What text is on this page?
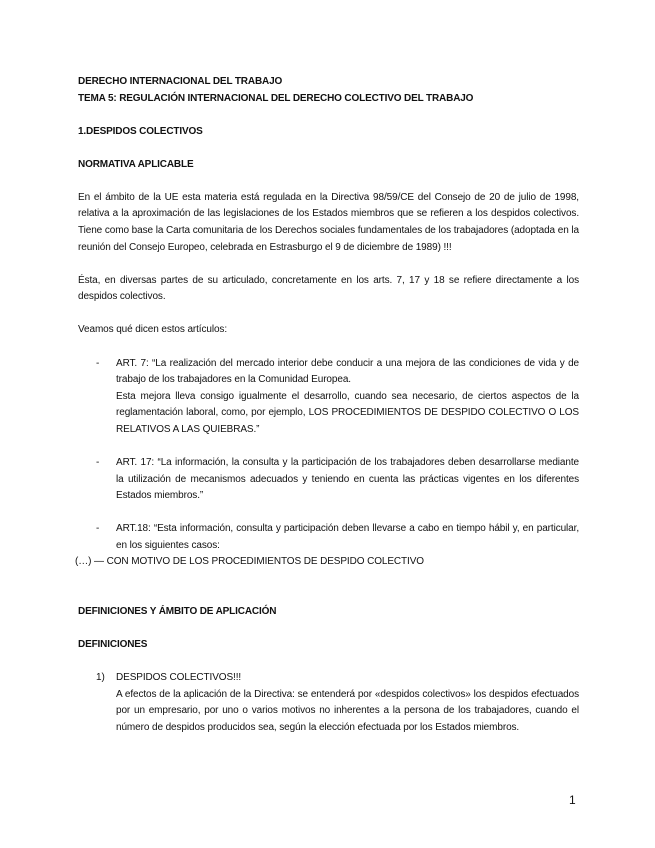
DERECHO INTERNACIONAL DEL TRABAJO

TEMA 5: REGULACIÓN INTERNACIONAL DEL DERECHO COLECTIVO DEL TRABAJO

1.DESPIDOS COLECTIVOS

NORMATIVA APLICABLE

En el ámbito de la UE esta materia está regulada en la Directiva 98/59/CE del Consejo de 20 de julio de 1998, relativa a la aproximación de las legislaciones de los Estados miembros que se refieren a los despidos colectivos. Tiene como base la Carta comunitaria de los Derechos sociales fundamentales de los trabajadores (adoptada en la reunión del Consejo Europeo, celebrada en Estrasburgo el 9 de diciembre de 1989) !!!

Ésta, en diversas partes de su articulado, concretamente en los arts. 7, 17 y 18 se refiere directamente a los despidos colectivos.

Veamos qué dicen estos artículos:

- ART. 7: “La realización del mercado interior debe conducir a una mejora de las condiciones de vida y de trabajo de los trabajadores en la Comunidad Europea.
Esta mejora lleva consigo igualmente el desarrollo, cuando sea necesario, de ciertos aspectos de la reglamentación laboral, como, por ejemplo, LOS PROCEDIMIENTOS DE DESPIDO COLECTIVO O LOS RELATIVOS A LAS QUIEBRAS.”
- ART. 17: “La información, la consulta y la participación de los trabajadores deben desarrollarse mediante la utilización de mecanismos adecuados y teniendo en cuenta las prácticas vigentes en los diferentes Estados miembros.”
- ART.18: “Esta información, consulta y participación deben llevarse a cabo en tiempo hábil y, en particular, en los siguientes casos:

(…) — CON MOTIVO DE LOS PROCEDIMIENTOS DE DESPIDO COLECTIVO

DEFINICIONES Y ÁMBITO DE APLICACIÓN

DEFINICIONES

1) DESPIDOS COLECTIVOS!!!
A efectos de la aplicación de la Directiva: se entenderá por «despidos colectivos» los despidos efectuados por un empresario, por uno o varios motivos no inherentes a la persona de los trabajadores, cuando el número de despidos producidos sea, según la elección efectuada por los Estados miembros.
1
